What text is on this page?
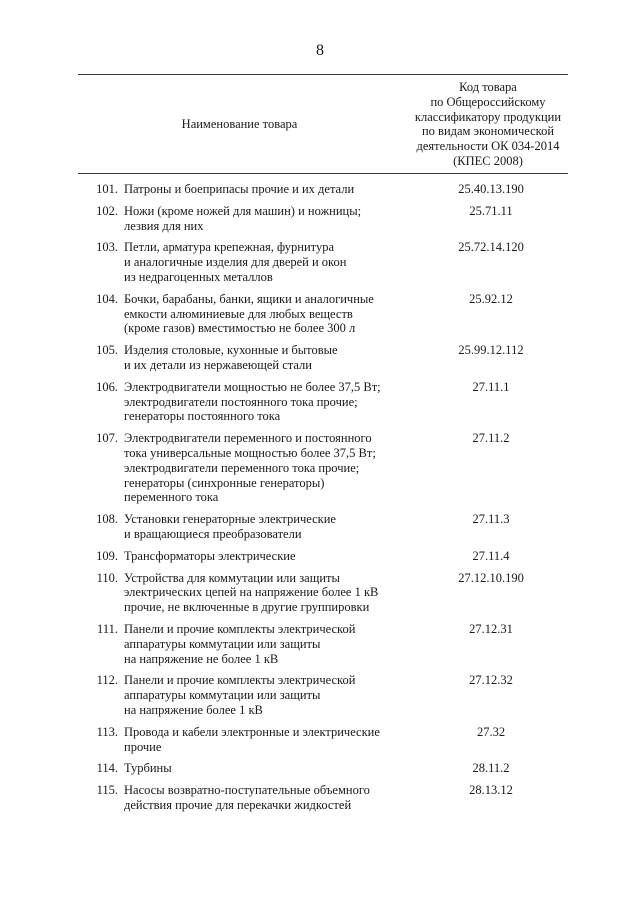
8
Наименование товара
Код товара
по Общероссийскому
классификатору продукции
по видам экономической
деятельности ОК 034-2014
(КПЕС 2008)
101. Патроны и боеприпасы прочие и их детали	25.40.13.190
102. Ножи (кроме ножей для машин) и ножницы;
лезвия для них
25.71.11
103. Петли, арматура крепежная, фурнитура
и аналогичные изделия для дверей и окон
из недрагоценных металлов
25.72.14.120
104. Бочки, барабаны, банки, ящики и аналогичные
емкости алюминиевые для любых веществ
(кроме газов) вместимостью не более 300 л
25.92.12
105. Изделия столовые, кухонные и бытовые
и их детали из нержавеющей стали
25.99.12.112
106. Электродвигатели мощностью не более 37,5 Вт;
электродвигатели постоянного тока прочие;
генераторы постоянного тока
27.11.1
107. Электродвигатели переменного и постоянного
тока универсальные мощностью более 37,5 Вт;
электродвигатели переменного тока прочие;
генераторы (синхронные генераторы)
переменного тока
27.11.2
108. Установки генераторные электрические
и вращающиеся преобразователи
27.11.3
109. Трансформаторы электрические	27.11.4
110. Устройства для коммутации или защиты
электрических цепей на напряжение более 1 кВ
прочие, не включенные в другие группировки
27.12.10.190
111. Панели и прочие комплекты электрической
аппаратуры коммутации или защиты
на напряжение не более 1 кВ
27.12.31
112. Панели и прочие комплекты электрической
аппаратуры коммутации или защиты
на напряжение более 1 кВ
27.12.32
113. Провода и кабели электронные и электрические
прочие
27.32
114. Турбины	28.11.2
115. Насосы возвратно-поступательные объемного
действия прочие для перекачки жидкостей
28.13.12
